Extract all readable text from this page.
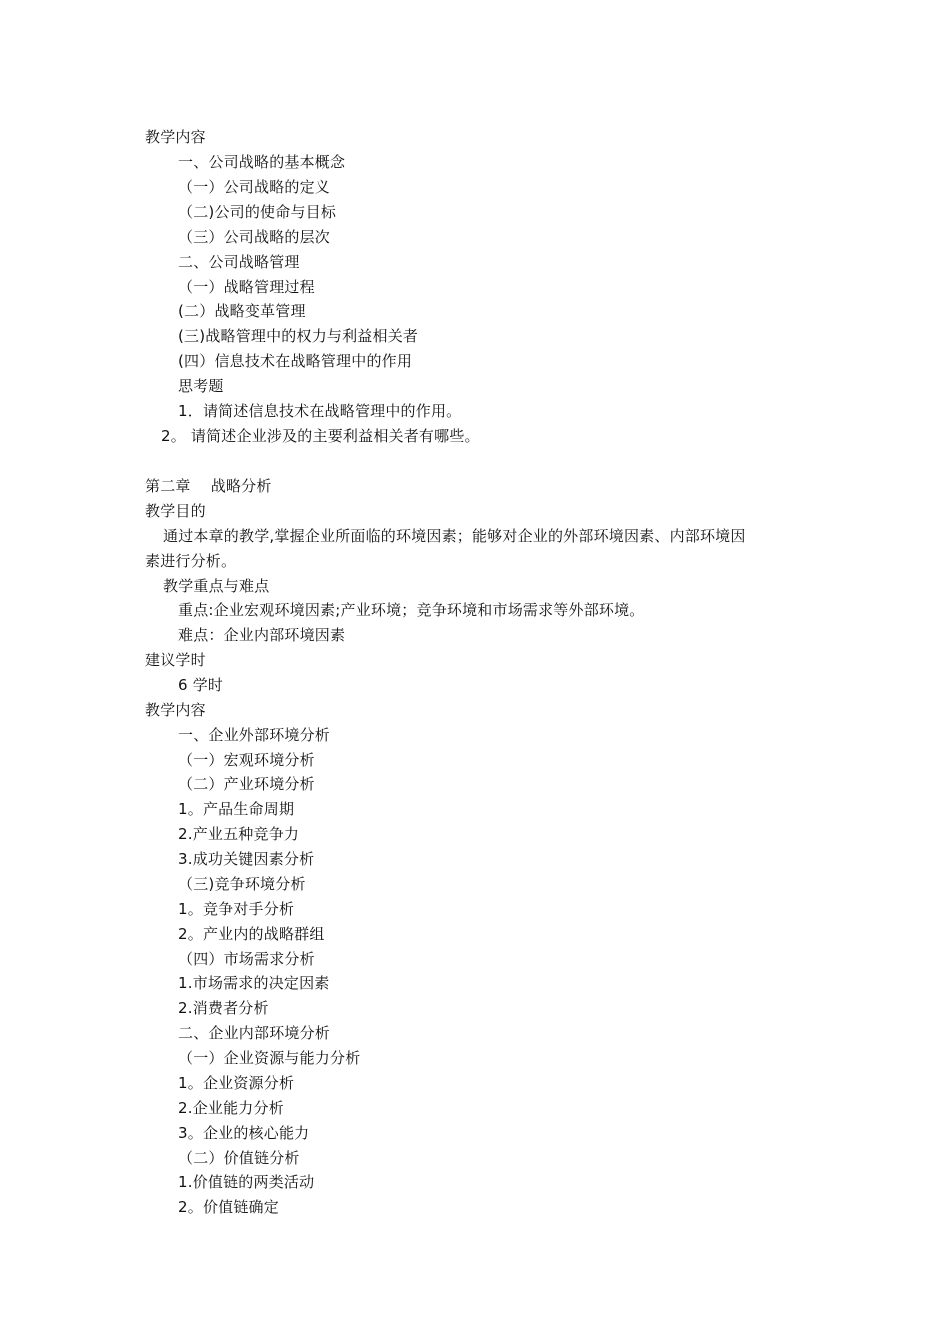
教学内容
一、公司战略的基本概念
（一）公司战略的定义
（二)公司的使命与目标
（三）公司战略的层次
二、公司战略管理
（一）战略管理过程
(二）战略变革管理
(三)战略管理中的权力与利益相关者
(四）信息技术在战略管理中的作用
思考题
1．请简述信息技术在战略管理中的作用。
2。 请简述企业涉及的主要利益相关者有哪些。
第二章　 战略分析
教学目的
通过本章的教学,掌握企业所面临的环境因素；能够对企业的外部环境因素、内部环境因
素进行分析。
教学重点与难点
重点:企业宏观环境因素;产业环境；竞争环境和市场需求等外部环境。
难点：企业内部环境因素
建议学时
6 学时
教学内容
一、企业外部环境分析
（一）宏观环境分析
（二）产业环境分析
1。产品生命周期
2.产业五种竞争力
3.成功关键因素分析
（三)竞争环境分析
1。竞争对手分析
2。产业内的战略群组
（四）市场需求分析
1.市场需求的决定因素
2.消费者分析
二、企业内部环境分析
（一）企业资源与能力分析
1。企业资源分析
2.企业能力分析
3。企业的核心能力
（二）价值链分析
1.价值链的两类活动
2。价值链确定
